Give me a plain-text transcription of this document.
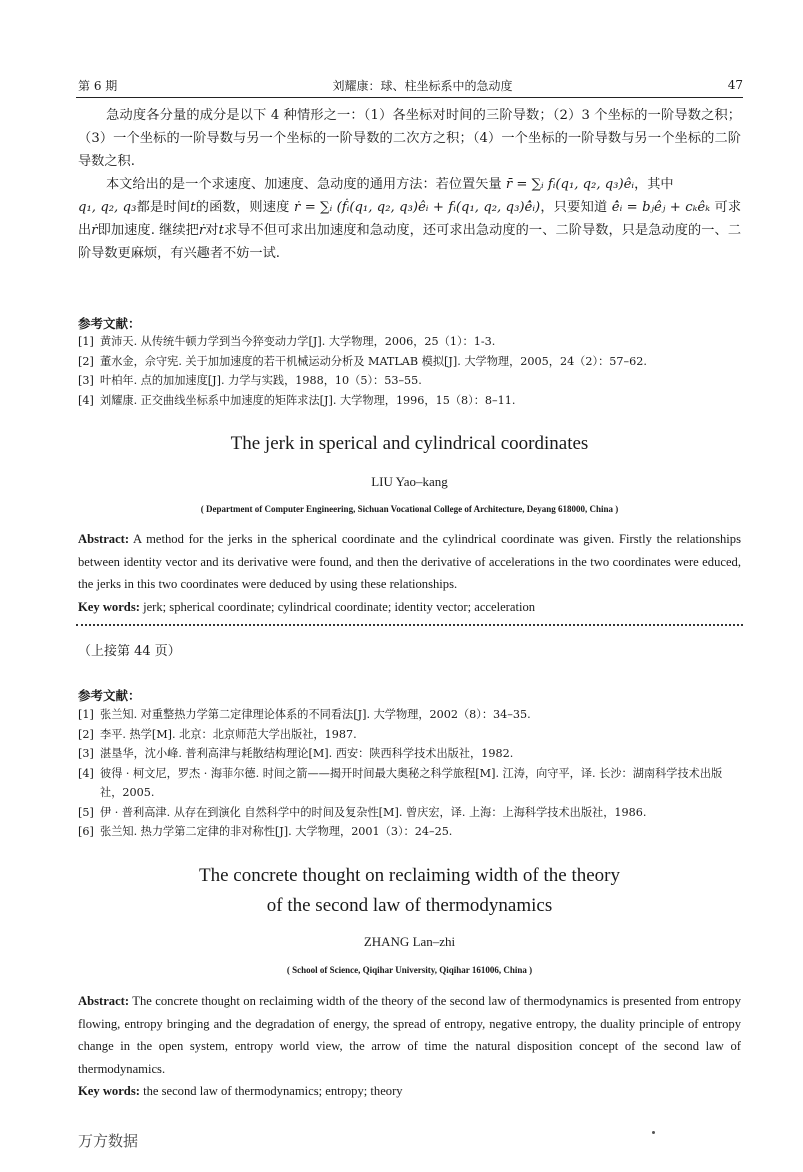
第 6 期	刘耀康：球、柱坐标系中的急动度	47

急动度各分量的成分是以下 4 种情形之一：（1）各坐标对时间的三阶导数；（2）3 个坐标的一阶导数之积；（3）一个坐标的一阶导数与另一个坐标的一阶导数的二次方之积；（4）一个坐标的一阶导数与另一个坐标的二阶导数之积.

本文给出的是一个求速度、加速度、急动度的通用方法：若位置矢量 r̄ = ∑ᵢ fᵢ(q₁, q₂, q₃)êᵢ，其中
q₁, q₂, q₃都是时间t的函数，则速度 ṙ = ∑ᵢ (ḟᵢ(q₁, q₂, q₃)êᵢ + fᵢ(q₁, q₂, q₃)ê̇ᵢ)，只要知道 ê̇ᵢ = bⱼêⱼ + cₖêₖ 可求出ṙ即加速度. 继续把ṙ对t求导不但可求出加速度和急动度，还可求出急动度的一、二阶导数，只是急动度的一、二阶导数更麻烦，有兴趣者不妨一试.

参考文献：
[1] 黄沛天. 从传统牛顿力学到当今猝变动力学[J]. 大学物理，2006，25（1）：1-3.
[2] 董水金，佘守宪. 关于加加速度的若干机械运动分析及 MATLAB 模拟[J]. 大学物理，2005，24（2）：57–62.
[3] 叶柏年. 点的加加速度[J]. 力学与实践，1988，10（5）：53–55.
[4] 刘耀康. 正交曲线坐标系中加速度的矩阵求法[J]. 大学物理，1996，15（8）：8–11.
The jerk in sperical and cylindrical coordinates
LIU Yao–kang
( Department of Computer Engineering, Sichuan Vocational College of Architecture, Deyang 618000, China )

Abstract: A method for the jerks in the spherical coordinate and the cylindrical coordinate was given. Firstly the relationships between identity vector and its derivative were found, and then the derivative of accelerations in the two coordinates were educed, the jerks in this two coordinates were deduced by using these relationships.

Key words: jerk; spherical coordinate; cylindrical coordinate; identity vector; acceleration

（上接第 44 页）
参考文献：
[1] 张兰知. 对重整热力学第二定律理论体系的不同看法[J]. 大学物理，2002（8）：34–35.
[2] 李平. 热学[M]. 北京：北京师范大学出版社，1987.
[3] 湛垦华，沈小峰. 普利高津与耗散结构理论[M]. 西安：陕西科学技术出版社，1982.
[4] 彼得 · 柯文尼，罗杰 · 海菲尔德. 时间之箭——揭开时间最大奥秘之科学旅程[M]. 江涛，向守平，译. 长沙：湖南科学技术出版社，2005.
[5] 伊 · 普利高津. 从存在到演化 自然科学中的时间及复杂性[M]. 曾庆宏，译. 上海：上海科学技术出版社，1986.
[6] 张兰知. 热力学第二定律的非对称性[J]. 大学物理，2001（3）：24–25.
The concrete thought on reclaiming width of the theory
of the second law of thermodynamics
ZHANG Lan–zhi
( School of Science, Qiqihar University, Qiqihar 161006, China )

Abstract: The concrete thought on reclaiming width of the theory of the second law of thermodynamics is presented from entropy flowing, entropy bringing and the degradation of energy, the spread of entropy, negative entropy, the duality principle of entropy change in the open system, entropy world view, the arrow of time the natural disposition concept of the second law of thermodynamics.

Key words: the second law of thermodynamics; entropy; theory

万方数据
